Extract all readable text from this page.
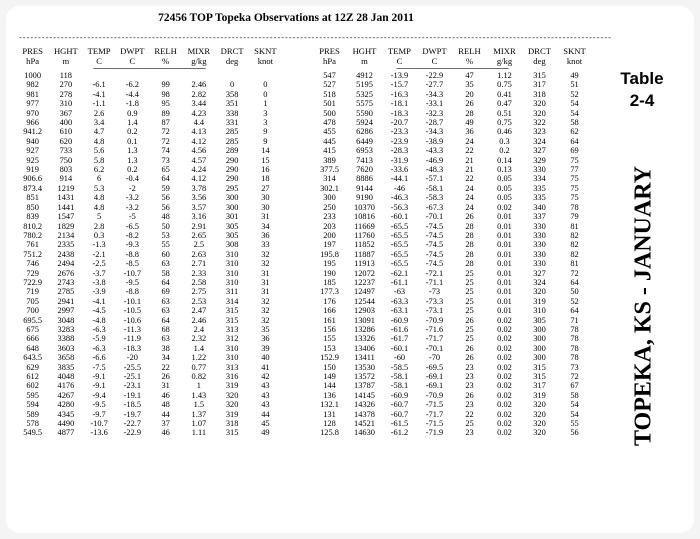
72456 TOP Topeka Observations at 12Z 28 Jan 2011
------------------------------------------------------------------------------------------------------------------------------------------------------------
PRES	HGHT	TEMP	DWPT	RELH	MIXR	DRCT	SKNT
hPa	m	C	C	%	g/kg	deg	knot
------------------------------------------------------------------------------------							
1000	118						
982	270	-6.1	-6.2	99	2.46	0	0
981	278	-4.1	-4.4	98	2.82	358	0
977	310	-1.1	-1.8	95	3.44	351	1
970	367	2.6	0.9	89	4.23	338	3
966	400	3.4	1.4	87	4.4	331	3
941.2	610	4.7	0.2	72	4.13	285	9
940	620	4.8	0.1	72	4.12	285	9
927	733	5.6	1.3	74	4.56	289	14
925	750	5.8	1.3	73	4.57	290	15
919	803	6.2	0.2	65	4.24	290	16
906.6	914	6	-0.4	64	4.12	290	18
873.4	1219	5.3	-2	59	3.78	295	27
851	1431	4.8	-3.2	56	3.56	300	30
850	1441	4.8	-3.2	56	3.57	300	30
839	1547	5	-5	48	3.16	301	31
810.2	1829	2.8	-6.5	50	2.91	305	34
780.2	2134	0.3	-8.2	53	2.65	305	36
761	2335	-1.3	-9.3	55	2.5	308	33
751.2	2438	-2.1	-8.8	60	2.63	310	32
746	2494	-2.5	-8.5	63	2.71	310	32
729	2676	-3.7	-10.7	58	2.33	310	31
722.9	2743	-3.8	-9.5	64	2.58	310	31
719	2785	-3.9	-8.8	69	2.75	311	31
705	2941	-4.1	-10.1	63	2.53	314	32
700	2997	-4.5	-10.5	63	2.47	315	32
695.5	3048	-4.8	-10.6	64	2.46	315	32
675	3283	-6.3	-11.3	68	2.4	313	35
666	3388	-5.9	-11.9	63	2.32	312	36
648	3603	-6.3	-18.3	38	1.4	310	39
643.5	3658	-6.6	-20	34	1.22	310	40
629	3835	-7.5	-25.5	22	0.77	313	41
612	4048	-9.1	-25.1	26	0.82	316	42
602	4176	-9.1	-23.1	31	1	319	43
595	4267	-9.4	-19.1	46	1.43	320	43
594	4280	-9.5	-18.5	48	1.5	320	43
589	4345	-9.7	-19.7	44	1.37	319	44
578	4490	-10.7	-22.7	37	1.07	318	45
549.5	4877	-13.6	-22.9	46	1.11	315	49
PRES	HGHT	TEMP	DWPT	RELH	MIXR	DRCT	SKNT
hPa	m	C	C	%	g/kg	deg	knot
------------------------------------------------------------------------------------							
547	4912	-13.9	-22.9	47	1.12	315	49
527	5195	-15.7	-27.7	35	0.75	317	51
518	5325	-16.3	-34.3	20	0.41	318	52
501	5575	-18.1	-33.1	26	0.47	320	54
500	5590	-18.3	-32.3	28	0.51	320	54
478	5924	-20.7	-28.7	49	0.75	322	58
455	6286	-23.3	-34.3	36	0.46	323	62
445	6449	-23.9	-38.9	24	0.3	324	64
415	6953	-28.3	-43.3	22	0.2	327	69
389	7413	-31.9	-46.9	21	0.14	329	75
377.5	7620	-33.6	-48.3	21	0.13	330	77
314	8886	-44.1	-57.1	22	0.05	334	75
302.1	9144	-46	-58.1	24	0.05	335	75
300	9190	-46.3	-58.3	24	0.05	335	75
250	10370	-56.3	-67.3	24	0.02	340	78
233	10816	-60.1	-70.1	26	0.01	337	79
203	11669	-65.5	-74.5	28	0.01	330	81
200	11760	-65.5	-74.5	28	0.01	330	82
197	11852	-65.5	-74.5	28	0.01	330	82
195.8	11887	-65.5	-74.5	28	0.01	330	82
195	11913	-65.5	-74.5	28	0.01	330	81
190	12072	-62.1	-72.1	25	0.01	327	72
185	12237	-61.1	-71.1	25	0.01	324	64
177.3	12497	-63	-73	25	0.01	320	50
176	12544	-63.3	-73.3	25	0.01	319	52
166	12903	-63.1	-73.1	25	0.01	310	64
161	13091	-60.9	-70.9	26	0.02	305	71
156	13286	-61.6	-71.6	25	0.02	300	78
155	13326	-61.7	-71.7	25	0.02	300	78
153	13406	-60.1	-70.1	26	0.02	300	78
152.9	13411	-60	-70	26	0.02	300	78
150	13530	-58.5	-69.5	23	0.02	315	73
149	13572	-58.1	-69.1	23	0.02	315	72
144	13787	-58.1	-69.1	23	0.02	317	67
136	14145	-60.9	-70.9	26	0.02	319	58
132.1	14326	-60.7	-71.5	23	0.02	320	54
131	14378	-60.7	-71.7	22	0.02	320	54
128	14521	-61.5	-71.5	25	0.02	320	55
125.8	14630	-61.2	-71.9	23	0.02	320	56
Table
2-4
TOPEKA, KS - JANUARY
